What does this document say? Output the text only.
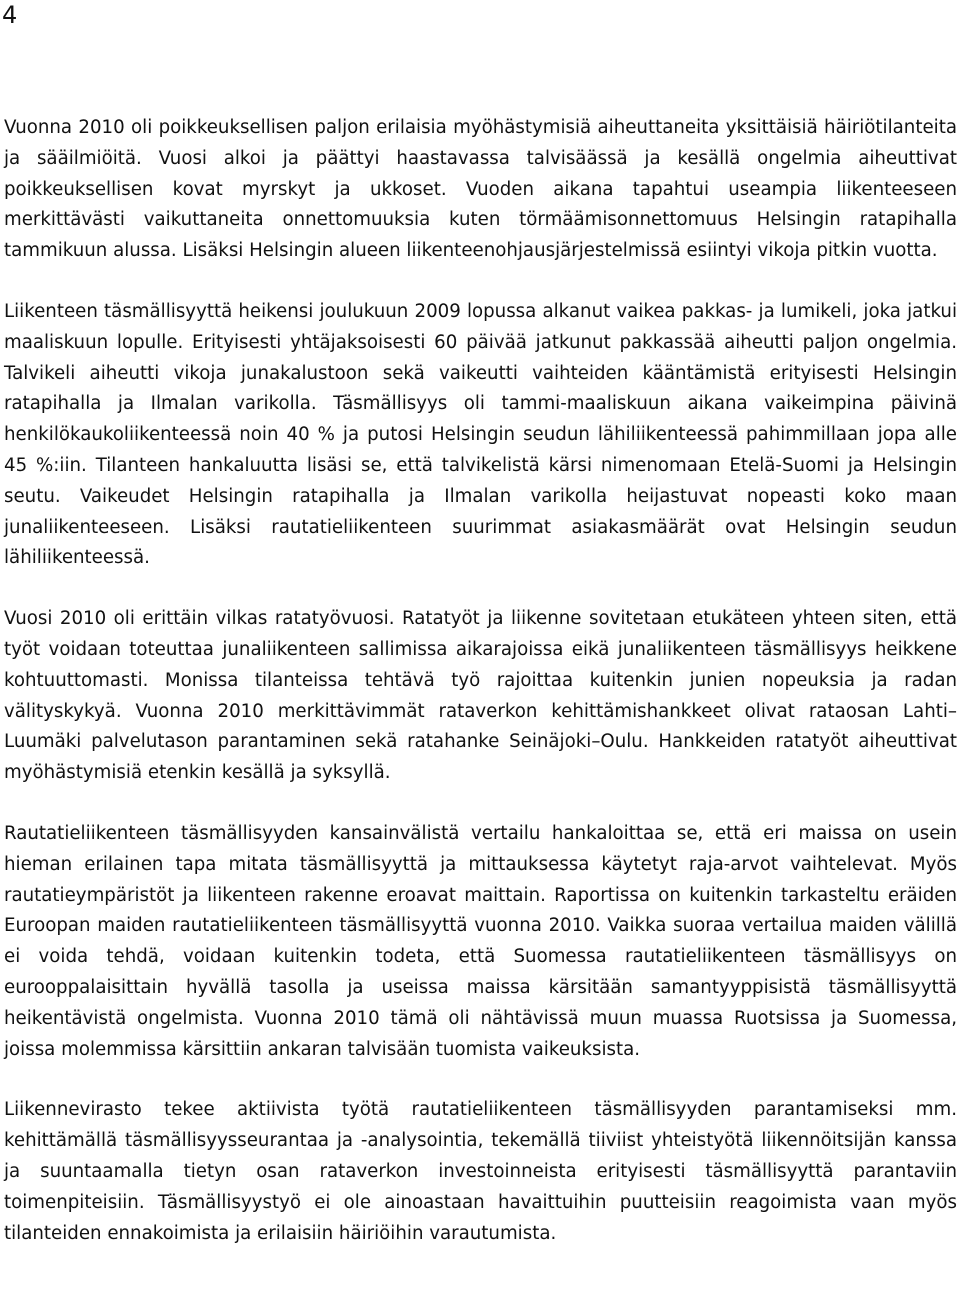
4

Vuonna 2010 oli poikkeuksellisen paljon erilaisia myöhästymisiä aiheuttaneita yksittäisiä häiriötilanteita ja sääilmiöitä. Vuosi alkoi ja päättyi haastavassa talvisäässä ja kesällä ongelmia aiheuttivat poikkeuksellisen kovat myrskyt ja ukkoset. Vuoden aikana tapahtui useampia liikenteeseen merkittävästi vaikuttaneita onnettomuuksia kuten törmäämisonnettomuus Helsingin ratapihalla tammikuun alussa. Lisäksi Helsingin alueen liikenteenohjausjärjestelmissä esiintyi vikoja pitkin vuotta.

Liikenteen täsmällisyyttä heikensi joulukuun 2009 lopussa alkanut vaikea pakkas- ja lumikeli, joka jatkui maaliskuun lopulle. Erityisesti yhtäjaksoisesti 60 päivää jatkunut pakkassää aiheutti paljon ongelmia. Talvikeli aiheutti vikoja junakalustoon sekä vaikeutti vaihteiden kääntämistä erityisesti Helsingin ratapihalla ja Ilmalan varikolla. Täsmällisyys oli tammi-maaliskuun aikana vaikeimpina päivinä henkilökaukoliikenteessä noin 40 % ja putosi Helsingin seudun lähiliikenteessä pahimmillaan jopa alle 45 %:iin. Tilanteen hankaluutta lisäsi se, että talvikelistä kärsi nimenomaan Etelä-Suomi ja Helsingin seutu. Vaikeudet Helsingin ratapihalla ja Ilmalan varikolla heijastuvat nopeasti koko maan junaliikenteeseen. Lisäksi rautatieliikenteen suurimmat asiakasmäärät ovat Helsingin seudun lähiliikenteessä.

Vuosi 2010 oli erittäin vilkas ratatyövuosi. Ratatyöt ja liikenne sovitetaan etukäteen yhteen siten, että työt voidaan toteuttaa junaliikenteen sallimissa aikarajoissa eikä junaliikenteen täsmällisyys heikkene kohtuuttomasti. Monissa tilanteissa tehtävä työ rajoittaa kuitenkin junien nopeuksia ja radan välityskykyä. Vuonna 2010 merkittävimmät rataverkon kehittämishankkeet olivat rataosan Lahti–Luumäki palvelutason parantaminen sekä ratahanke Seinäjoki–Oulu. Hankkeiden ratatyöt aiheuttivat myöhästymisiä etenkin kesällä ja syksyllä.

Rautatieliikenteen täsmällisyyden kansainvälistä vertailu hankaloittaa se, että eri maissa on usein hieman erilainen tapa mitata täsmällisyyttä ja mittauksessa käytetyt raja-arvot vaihtelevat. Myös rautatieympäristöt ja liikenteen rakenne eroavat maittain. Raportissa on kuitenkin tarkasteltu eräiden Euroopan maiden rautatieliikenteen täsmällisyyttä vuonna 2010. Vaikka suoraa vertailua maiden välillä ei voida tehdä, voidaan kuitenkin todeta, että Suomessa rautatieliikenteen täsmällisyys on eurooppalaisittain hyvällä tasolla ja useissa maissa kärsitään samantyyppisistä täsmällisyyttä heikentävistä ongelmista. Vuonna 2010 tämä oli nähtävissä muun muassa Ruotsissa ja Suomessa, joissa molemmissa kärsittiin ankaran talvisään tuomista vaikeuksista.

Liikennevirasto tekee aktiivista työtä rautatieliikenteen täsmällisyyden parantamiseksi mm. kehittämällä täsmällisyysseurantaa ja -analysointia, tekemällä tiiviist yhteistyötä liikennöitsijän kanssa ja suuntaamalla tietyn osan rataverkon investoinneista erityisesti täsmällisyyttä parantaviin toimenpiteisiin. Täsmällisyystyö ei ole ainoastaan havaittuihin puutteisiin reagoimista vaan myös tilanteiden ennakoimista ja erilaisiin häiriöihin varautumista.
